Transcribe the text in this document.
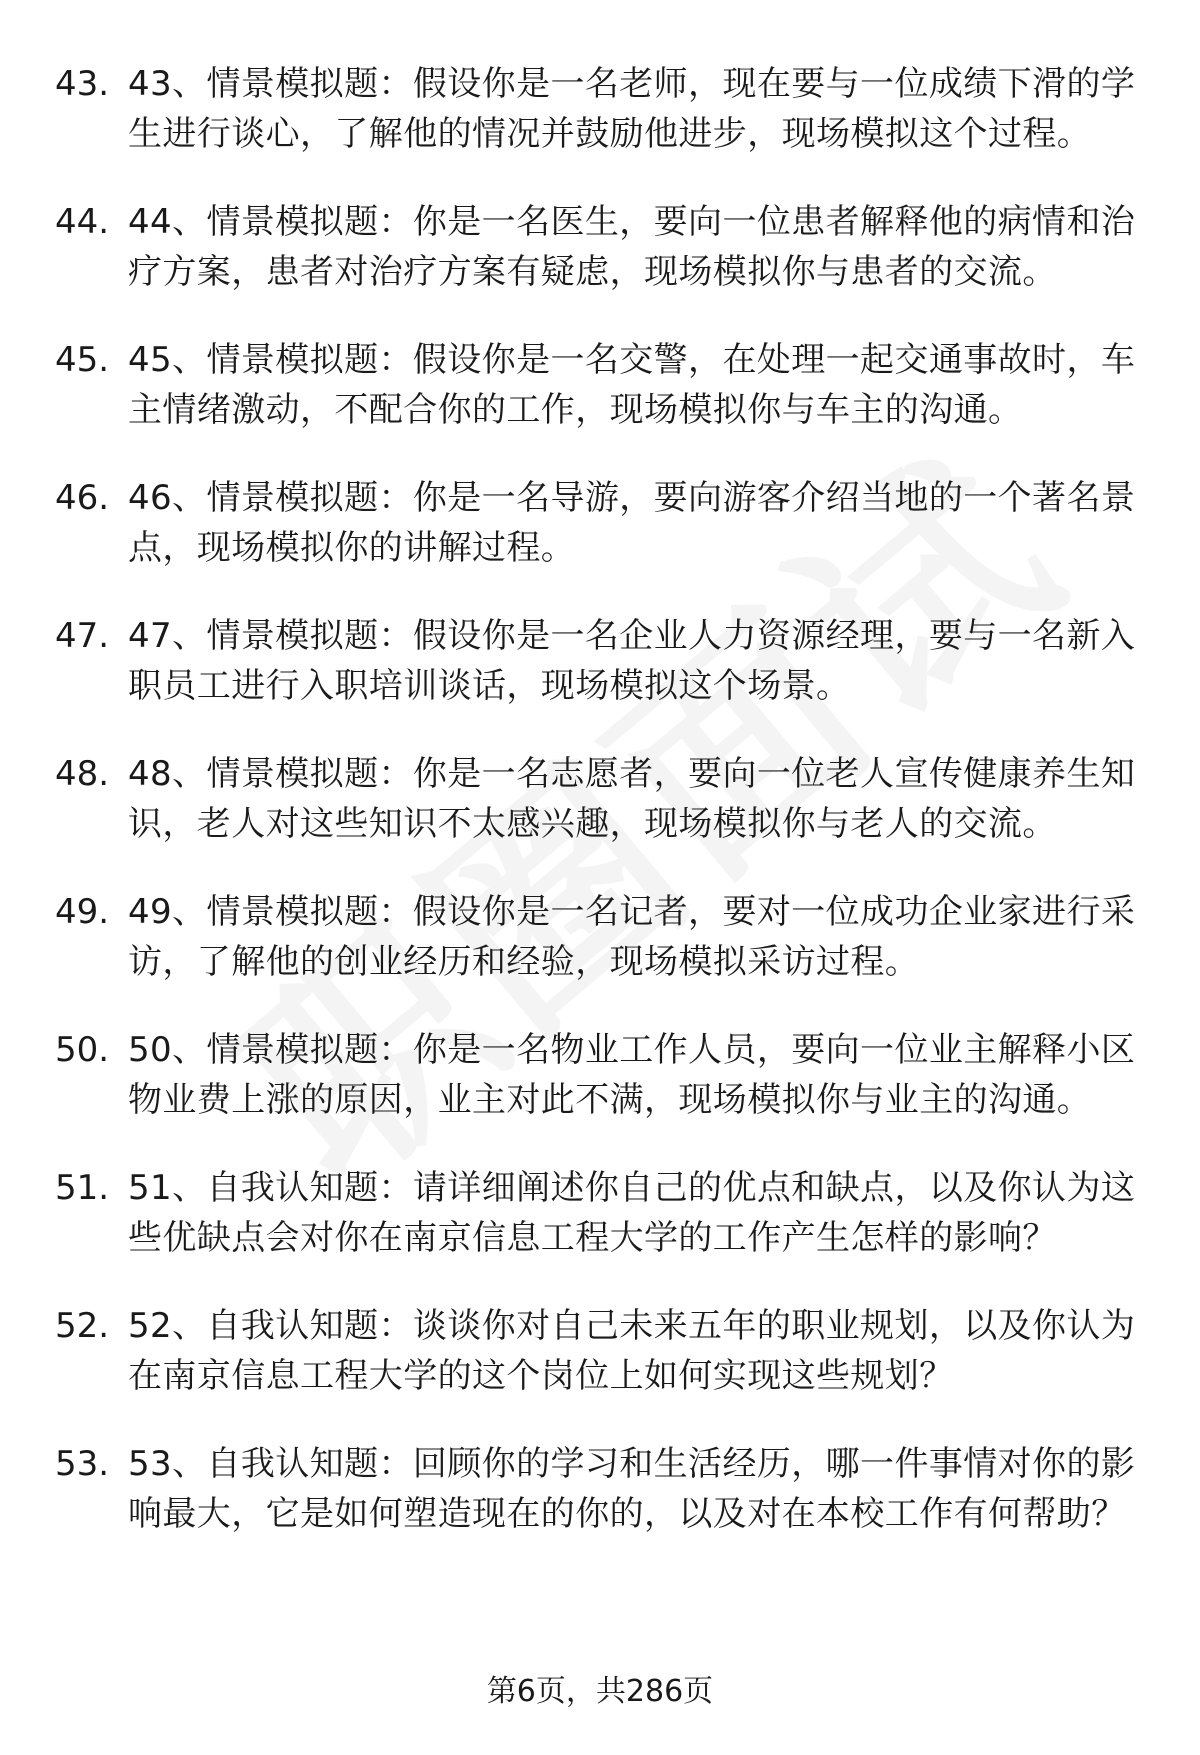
43. 43、情景模拟题：假设你是一名老师，现在要与一位成绩下滑的学生进行谈心，了解他的情况并鼓励他进步，现场模拟这个过程。
44. 44、情景模拟题：你是一名医生，要向一位患者解释他的病情和治疗方案，患者对治疗方案有疑虑，现场模拟你与患者的交流。
45. 45、情景模拟题：假设你是一名交警，在处理一起交通事故时，车主情绪激动，不配合你的工作，现场模拟你与车主的沟通。
46. 46、情景模拟题：你是一名导游，要向游客介绍当地的一个著名景点，现场模拟你的讲解过程。
47. 47、情景模拟题：假设你是一名企业人力资源经理，要与一名新入职员工进行入职培训谈话，现场模拟这个场景。
48. 48、情景模拟题：你是一名志愿者，要向一位老人宣传健康养生知识，老人对这些知识不太感兴趣，现场模拟你与老人的交流。
49. 49、情景模拟题：假设你是一名记者，要对一位成功企业家进行采访，了解他的创业经历和经验，现场模拟采访过程。
50. 50、情景模拟题：你是一名物业工作人员，要向一位业主解释小区物业费上涨的原因，业主对此不满，现场模拟你与业主的沟通。
51. 51、自我认知题：请详细阐述你自己的优点和缺点，以及你认为这些优缺点会对你在南京信息工程大学的工作产生怎样的影响？
52. 52、自我认知题：谈谈你对自己未来五年的职业规划，以及你认为在南京信息工程大学的这个岗位上如何实现这些规划？
53. 53、自我认知题：回顾你的学习和生活经历，哪一件事情对你的影响最大，它是如何塑造现在的你的，以及对在本校工作有何帮助？
第6页，共286页
